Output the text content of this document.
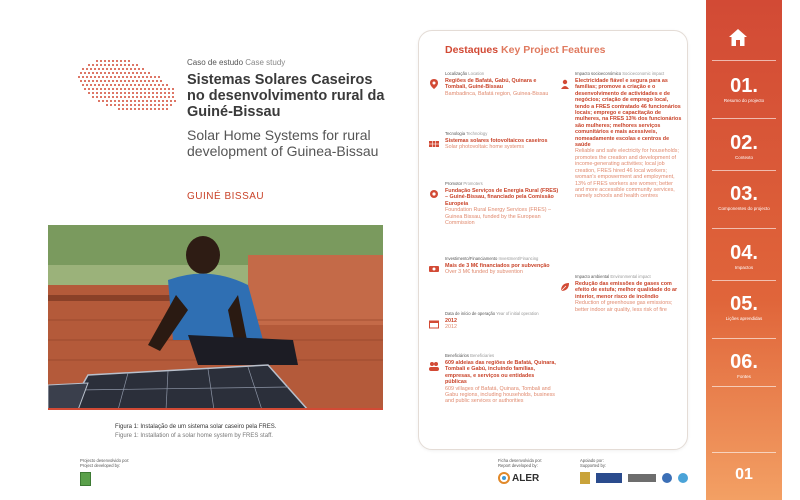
Caso de estudo Case study
Sistemas Solares Caseiros no desenvolvimento rural da Guiné-Bissau
Solar Home Systems for rural development of Guinea-Bissau
GUINÉ BISSAU
Figura 1: Instalação de um sistema solar caseiro pela FRES.
Figure 1: Installation of a solar home system by FRES staff.
Projecto desenvolvido por:
Project developed by:
Ficha desenvolvida por:
Report developed by:
ALER
Apoiado por:
Supported by:
Destaques Key Project Features
Localização Location
Regiões de Bafatá, Gabú, Quinara e Tombali, Guiné-Bissau
Bambadinca, Bafatá region, Guinea-Bissau
Tecnologia Technology
Sistemas solares fotovoltaicos caseiros
Solar photovoltaic home systems
Promotor Promoters
Fundação Serviços de Energia Rural (FRES) – Guiné-Bissau, financiado pela Comissão Europeia
Foundation Rural Energy Services (FRES) – Guinea Bissau, funded by the European Commission
Investimento/Financiamento Investment/Financing
Mais de 3 M€ financiados por subvenção
Over 3 M€ funded by subvention
Data de início de operação Year of initial operation
2012
2012
Beneficiários Beneficiaries
609 aldeias das regiões de Bafatá, Quinara, Tombali e Gabú, incluindo famílias, empresas, e serviços ou entidades públicas
609 villages of Bafatá, Quinara, Tombali and Gabu regions, including households, business and public services or authorities
Impacto socioeconómico Socioeconomic impact
Electricidade fiável e segura para as famílias; promove a criação e o desenvolvimento de actividades e de negócios; criação de emprego local, tendo a FRES contratado 46 funcionários locais; emprego e capacitação de mulheres, na FRES 13% dos funcionários são mulheres; melhores serviços comunitários e mais acessíveis, nomeadamente escolas e centros de saúde
Reliable and safe electricity for households; promotes the creation and development of income-generating activities; local job creation, FRES hired 46 local workers; woman's empowerment and employment, 13% of FRES workers are women; better and more accessible community services, namely schools and health centres
Impacto ambiental Environmental impact
Redução das emissões de gases com efeito de estufa; melhor qualidade do ar interior, menor risco de incêndio
Reduction of greenhouse gas emissions; better indoor air quality, less risk of fire
01.
Resumo do projecto
02.
Contexto
03.
Componentes do projecto
04.
Impactos
05.
Lições aprendidas
06.
Fontes
01
